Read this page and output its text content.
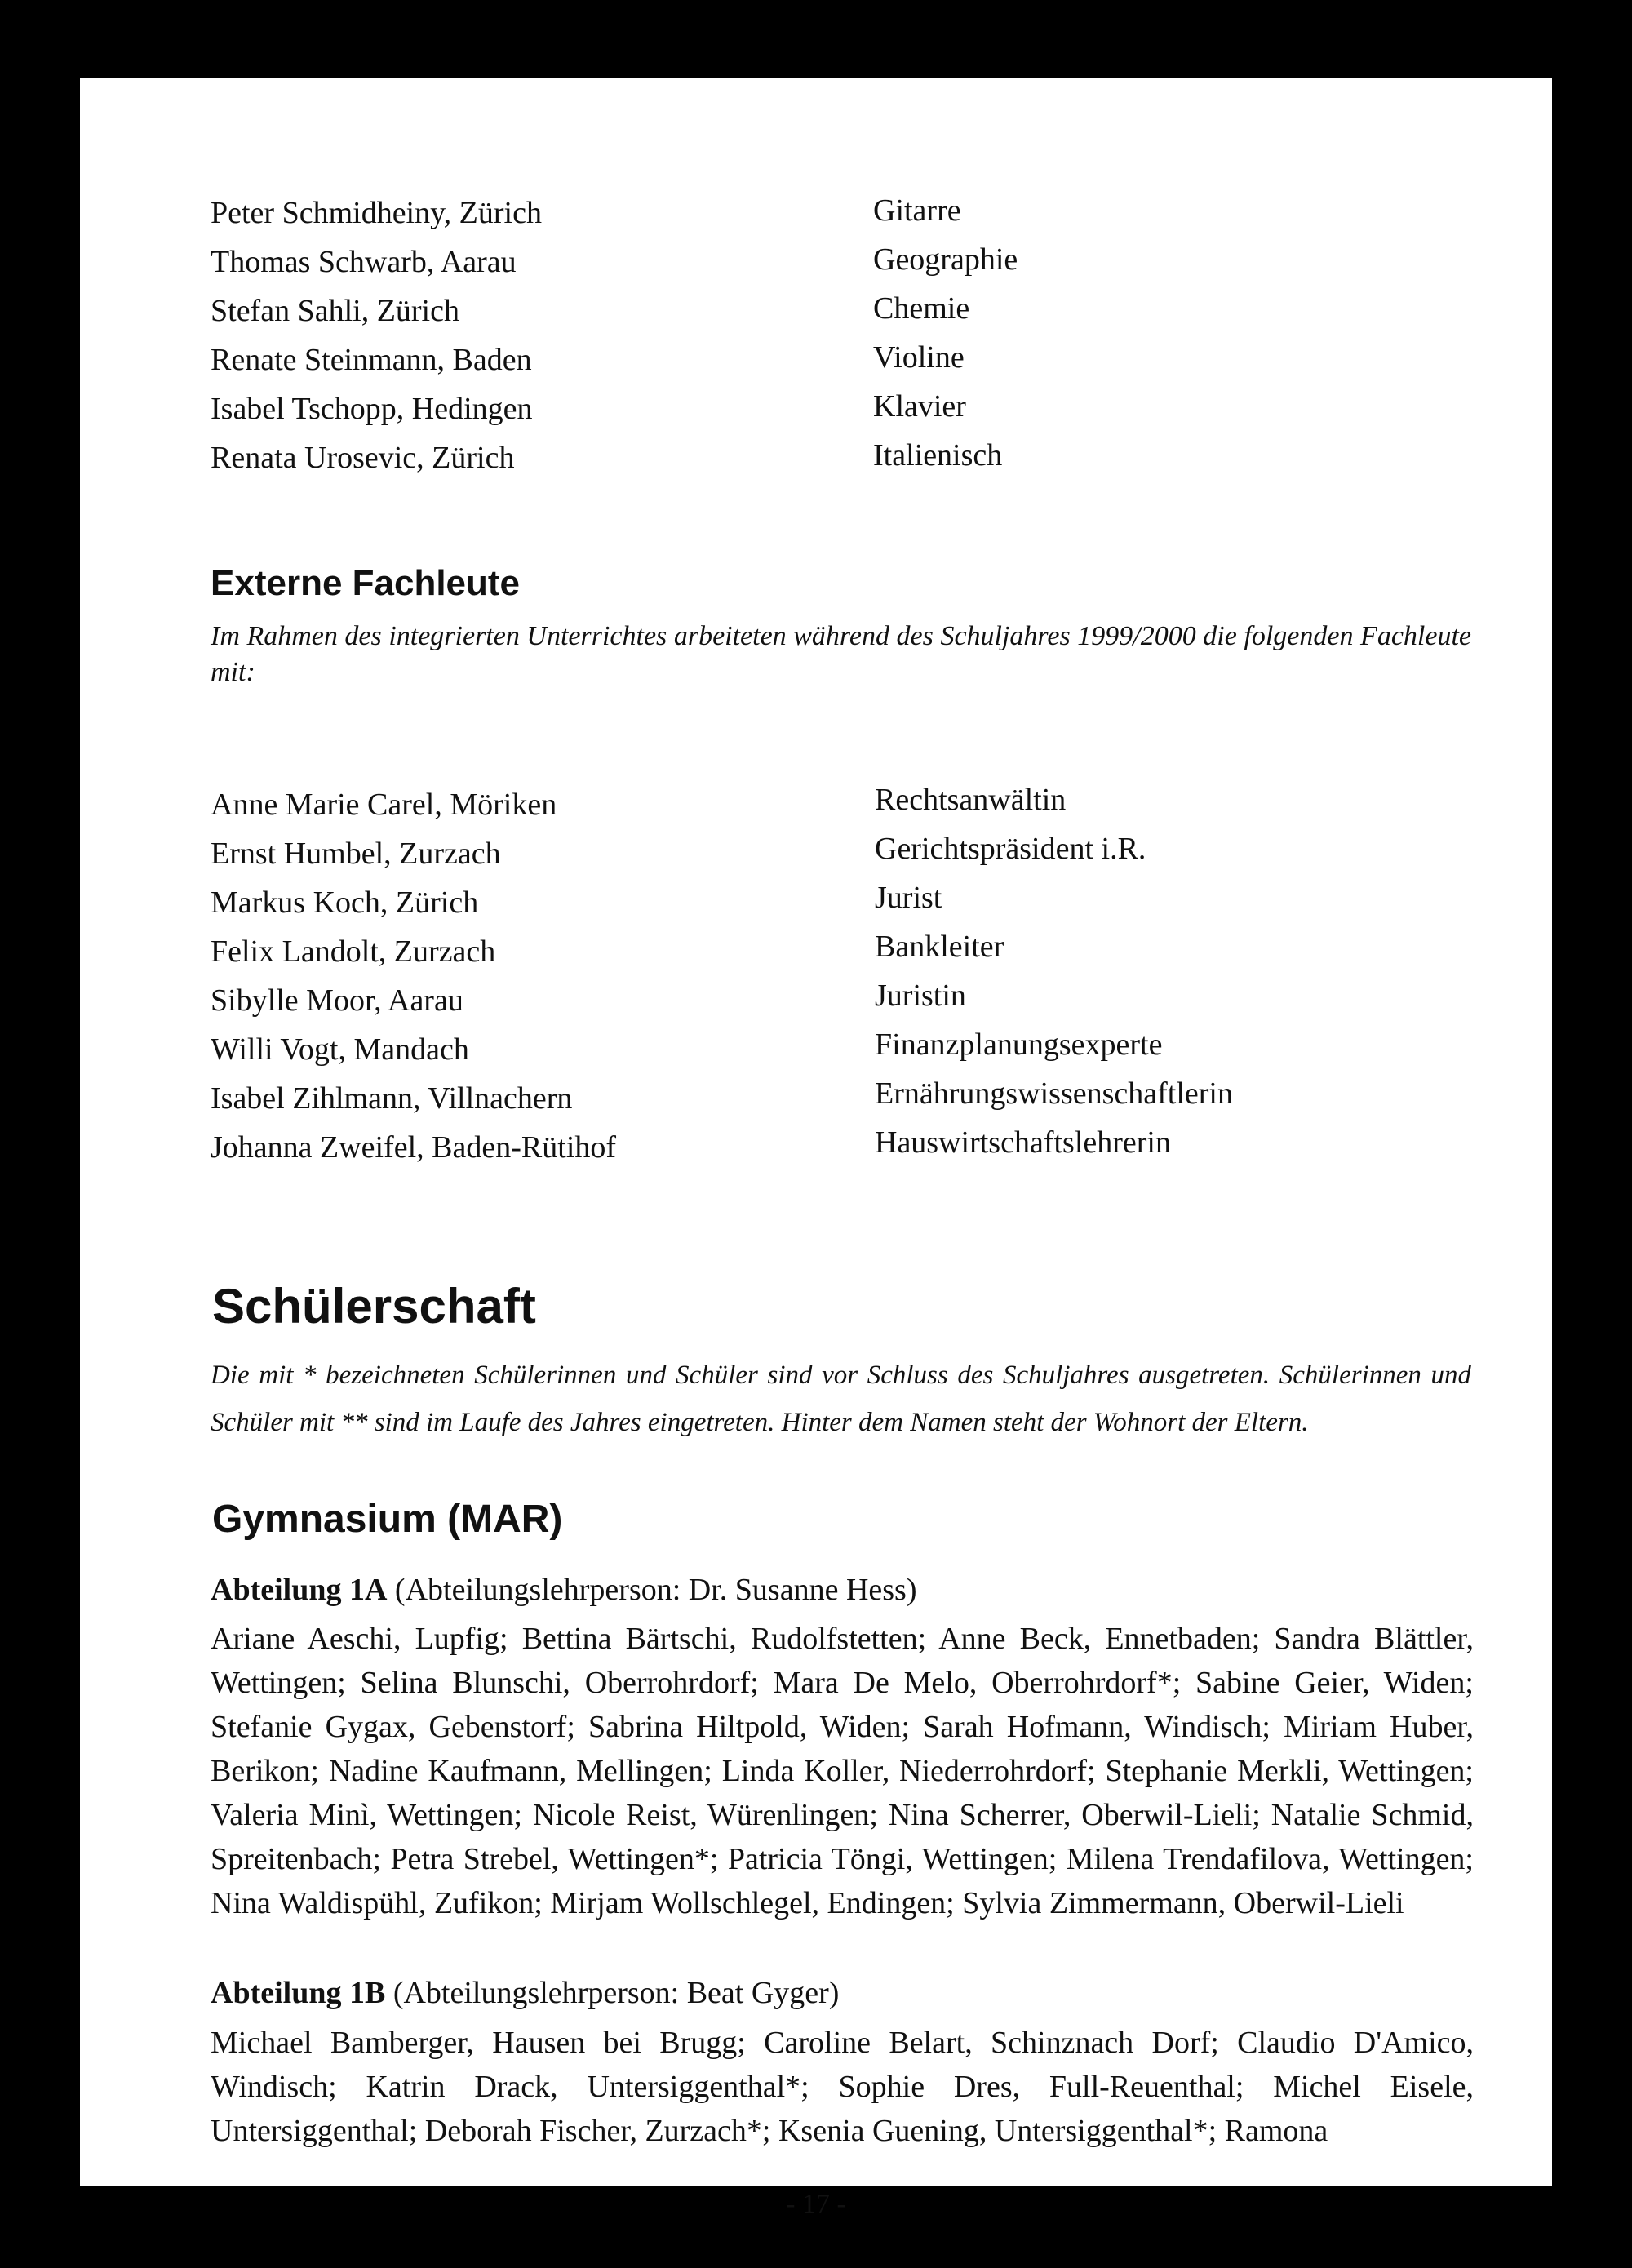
Peter Schmidheiny, Zürich	Gitarre
Thomas Schwarb, Aarau	Geographie
Stefan Sahli, Zürich	Chemie
Renate Steinmann, Baden	Violine
Isabel Tschopp, Hedingen	Klavier
Renata Urosevic, Zürich	Italienisch
Externe Fachleute
Im Rahmen des integrierten Unterrichtes arbeiteten während des Schuljahres 1999/2000 die folgenden Fachleute mit:
Anne Marie Carel, Möriken	Rechtsanwältin
Ernst Humbel, Zurzach	Gerichtspräsident i.R.
Markus Koch, Zürich	Jurist
Felix Landolt, Zurzach	Bankleiter
Sibylle Moor, Aarau	Juristin
Willi Vogt, Mandach	Finanzplanungsexperte
Isabel Zihlmann, Villnachern	Ernährungswissenschaftlerin
Johanna Zweifel, Baden-Rütihof	Hauswirtschaftslehrerin
Schülerschaft
Die mit * bezeichneten Schülerinnen und Schüler sind vor Schluss des Schuljahres ausgetreten. Schülerinnen und Schüler mit ** sind im Laufe des Jahres eingetreten. Hinter dem Namen steht der Wohnort der Eltern.
Gymnasium (MAR)
Abteilung 1A (Abteilungslehrperson: Dr. Susanne Hess)
Ariane Aeschi, Lupfig; Bettina Bärtschi, Rudolfstetten; Anne Beck, Ennetbaden; Sandra Blättler, Wettingen; Selina Blunschi, Oberrohrdorf; Mara De Melo, Oberrohrdorf*; Sabine Geier, Widen; Stefanie Gygax, Gebenstorf; Sabrina Hiltpold, Widen; Sarah Hofmann, Windisch; Miriam Huber, Berikon; Nadine Kaufmann, Mellingen; Linda Koller, Niederrohrdorf; Stephanie Merkli, Wettingen; Valeria Minì, Wettingen; Nicole Reist, Würenlingen; Nina Scherrer, Oberwil-Lieli; Natalie Schmid, Spreitenbach; Petra Strebel, Wettingen*; Patricia Töngi, Wettingen; Milena Trendafilova, Wettingen; Nina Waldispühl, Zufikon; Mirjam Wollschlegel, Endingen; Sylvia Zimmermann, Oberwil-Lieli
Abteilung 1B (Abteilungslehrperson: Beat Gyger)
Michael Bamberger, Hausen bei Brugg; Caroline Belart, Schinznach Dorf; Claudio D'Amico, Windisch; Katrin Drack, Untersiggenthal*; Sophie Dres, Full-Reuenthal; Michel Eisele, Untersiggenthal; Deborah Fischer, Zurzach*; Ksenia Guening, Untersiggenthal*; Ramona
- 17 -
